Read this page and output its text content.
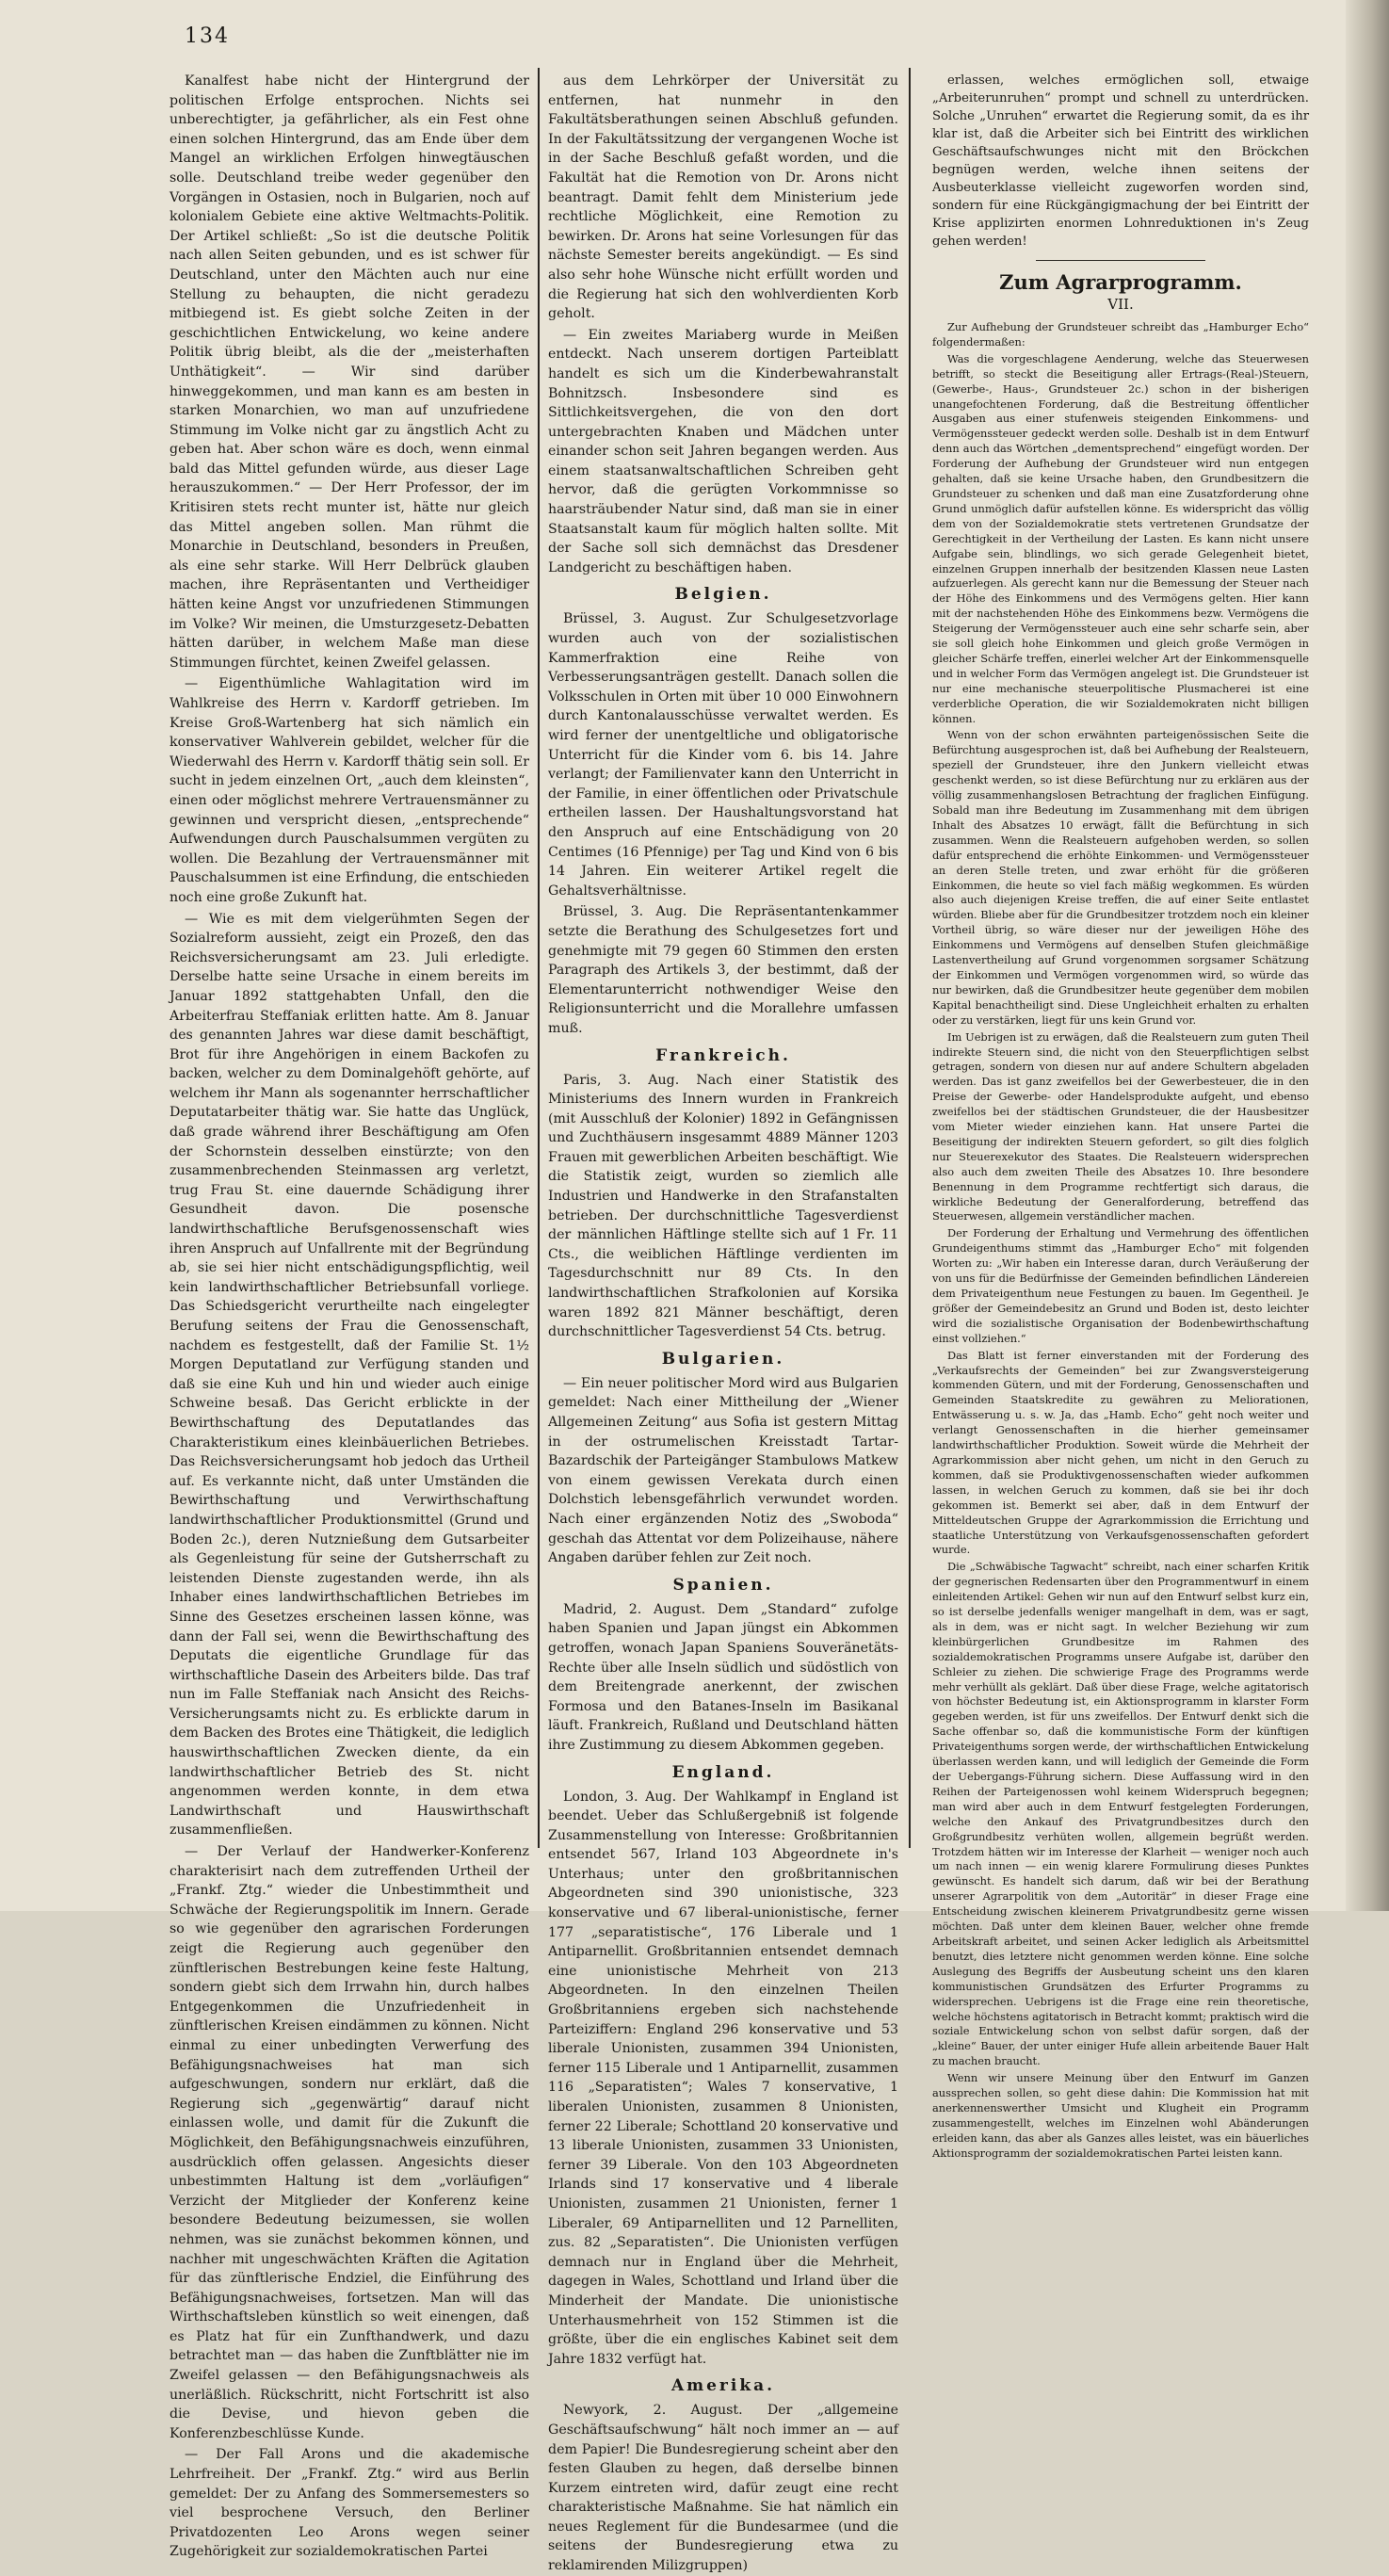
134

Kanalfest habe nicht der Hintergrund der politischen Erfolge entsprochen. Nichts sei unberechtigter, ja gefährlicher, als ein Fest ohne einen solchen Hintergrund, das am Ende über dem Mangel an wirklichen Erfolgen hinwegtäuschen solle. Deutschland treibe weder gegenüber den Vorgängen in Ostasien, noch in Bulgarien, noch auf kolonialem Gebiete eine aktive Weltmachts-Politik. Der Artikel schließt: „So ist die deutsche Politik nach allen Seiten gebunden, und es ist schwer für Deutschland, unter den Mächten auch nur eine Stellung zu behaupten, die nicht geradezu mitbiegend ist. Es giebt solche Zeiten in der geschichtlichen Entwickelung, wo keine andere Politik übrig bleibt, als die der „meisterhaften Unthätigkeit“. — Wir sind darüber hinweggekommen, und man kann es am besten in starken Monarchien, wo man auf unzufriedene Stimmung im Volke nicht gar zu ängstlich Acht zu geben hat. Aber schon wäre es doch, wenn einmal bald das Mittel gefunden würde, aus dieser Lage herauszukommen.“ — Der Herr Professor, der im Kritisiren stets recht munter ist, hätte nur gleich das Mittel angeben sollen. Man rühmt die Monarchie in Deutschland, besonders in Preußen, als eine sehr starke. Will Herr Delbrück glauben machen, ihre Repräsentanten und Vertheidiger hätten keine Angst vor unzufriedenen Stimmungen im Volke? Wir meinen, die Umsturzgesetz-Debatten hätten darüber, in welchem Maße man diese Stimmungen fürchtet, keinen Zweifel gelassen.

— Eigenthümliche Wahlagitation wird im Wahlkreise des Herrn v. Kardorff getrieben. Im Kreise Groß-Wartenberg hat sich nämlich ein konservativer Wahlverein gebildet, welcher für die Wiederwahl des Herrn v. Kardorff thätig sein soll. Er sucht in jedem einzelnen Ort, „auch dem kleinsten“, einen oder möglichst mehrere Vertrauensmänner zu gewinnen und verspricht diesen, „entsprechende“ Aufwendungen durch Pauschalsummen vergüten zu wollen. Die Bezahlung der Vertrauensmänner mit Pauschalsummen ist eine Erfindung, die entschieden noch eine große Zukunft hat.

— Wie es mit dem vielgerühmten Segen der Sozialreform aussieht, zeigt ein Prozeß, den das Reichsversicherungsamt am 23. Juli erledigte. Derselbe hatte seine Ursache in einem bereits im Januar 1892 stattgehabten Unfall, den die Arbeiterfrau Steffaniak erlitten hatte. Am 8. Januar des genannten Jahres war diese damit beschäftigt, Brot für ihre Angehörigen in einem Backofen zu backen, welcher zu dem Dominalgehöft gehörte, auf welchem ihr Mann als sogenannter herrschaftlicher Deputatarbeiter thätig war. Sie hatte das Unglück, daß grade während ihrer Beschäftigung am Ofen der Schornstein desselben einstürzte; von den zusammenbrechenden Steinmassen arg verletzt, trug Frau St. eine dauernde Schädigung ihrer Gesundheit davon. Die posensche landwirthschaftliche Berufsgenossenschaft wies ihren Anspruch auf Unfallrente mit der Begründung ab, sie sei hier nicht entschädigungspflichtig, weil kein landwirthschaftlicher Betriebsunfall vorliege. Das Schiedsgericht verurtheilte nach eingelegter Berufung seitens der Frau die Genossenschaft, nachdem es festgestellt, daß der Familie St. 1½ Morgen Deputatland zur Verfügung standen und daß sie eine Kuh und hin und wieder auch einige Schweine besaß. Das Gericht erblickte in der Bewirthschaftung des Deputatlandes das Charakteristikum eines kleinbäuerlichen Betriebes. Das Reichsversicherungsamt hob jedoch das Urtheil auf. Es verkannte nicht, daß unter Umständen die Bewirthschaftung und Verwirthschaftung landwirthschaftlicher Produktionsmittel (Grund und Boden 2c.), deren Nutznießung dem Gutsarbeiter als Gegenleistung für seine der Gutsherrschaft zu leistenden Dienste zugestanden werde, ihn als Inhaber eines landwirthschaftlichen Betriebes im Sinne des Gesetzes erscheinen lassen könne, was dann der Fall sei, wenn die Bewirthschaftung des Deputats die eigentliche Grundlage für das wirthschaftliche Dasein des Arbeiters bilde. Das traf nun im Falle Steffaniak nach Ansicht des Reichs-Versicherungsamts nicht zu. Es erblickte darum in dem Backen des Brotes eine Thätigkeit, die lediglich hauswirthschaftlichen Zwecken diente, da ein landwirthschaftlicher Betrieb des St. nicht angenommen werden konnte, in dem etwa Landwirthschaft und Hauswirthschaft zusammenfließen.

— Der Verlauf der Handwerker-Konferenz charakterisirt nach dem zutreffenden Urtheil der „Frankf. Ztg.“ wieder die Unbestimmtheit und Schwäche der Regierungspolitik im Innern. Gerade so wie gegenüber den agrarischen Forderungen zeigt die Regierung auch gegenüber den zünftlerischen Bestrebungen keine feste Haltung, sondern giebt sich dem Irrwahn hin, durch halbes Entgegenkommen die Unzufriedenheit in zünftlerischen Kreisen eindämmen zu können. Nicht einmal zu einer unbedingten Verwerfung des Befähigungsnachweises hat man sich aufgeschwungen, sondern nur erklärt, daß die Regierung sich „gegenwärtig“ darauf nicht einlassen wolle, und damit für die Zukunft die Möglichkeit, den Befähigungsnachweis einzuführen, ausdrücklich offen gelassen. Angesichts dieser unbestimmten Haltung ist dem „vorläufigen“ Verzicht der Mitglieder der Konferenz keine besondere Bedeutung beizumessen, sie wollen nehmen, was sie zunächst bekommen können, und nachher mit ungeschwächten Kräften die Agitation für das zünftlerische Endziel, die Einführung des Befähigungsnachweises, fortsetzen. Man will das Wirthschaftsleben künstlich so weit einengen, daß es Platz hat für ein Zunfthandwerk, und dazu betrachtet man — das haben die Zunftblätter nie im Zweifel gelassen — den Befähigungsnachweis als unerläßlich. Rückschritt, nicht Fortschritt ist also die Devise, und hievon geben die Konferenzbeschlüsse Kunde.

— Der Fall Arons und die akademische Lehrfreiheit. Der „Frankf. Ztg.“ wird aus Berlin gemeldet: Der zu Anfang des Sommersemesters so viel besprochene Versuch, den Berliner Privatdozenten Leo Arons wegen seiner Zugehörigkeit zur sozialdemokratischen Partei

aus dem Lehrkörper der Universität zu entfernen, hat nunmehr in den Fakultätsberathungen seinen Abschluß gefunden. In der Fakultätssitzung der vergangenen Woche ist in der Sache Beschluß gefaßt worden, und die Fakultät hat die Remotion von Dr. Arons nicht beantragt. Damit fehlt dem Ministerium jede rechtliche Möglichkeit, eine Remotion zu bewirken. Dr. Arons hat seine Vorlesungen für das nächste Semester bereits angekündigt. — Es sind also sehr hohe Wünsche nicht erfüllt worden und die Regierung hat sich den wohlverdienten Korb geholt.

— Ein zweites Mariaberg wurde in Meißen entdeckt. Nach unserem dortigen Parteiblatt handelt es sich um die Kinderbewahranstalt Bohnitzsch. Insbesondere sind es Sittlichkeitsvergehen, die von den dort untergebrachten Knaben und Mädchen unter einander schon seit Jahren begangen werden. Aus einem staatsanwaltschaftlichen Schreiben geht hervor, daß die gerügten Vorkommnisse so haarsträubender Natur sind, daß man sie in einer Staatsanstalt kaum für möglich halten sollte. Mit der Sache soll sich demnächst das Dresdener Landgericht zu beschäftigen haben.

Belgien.

Brüssel, 3. August. Zur Schulgesetzvorlage wurden auch von der sozialistischen Kammerfraktion eine Reihe von Verbesserungsanträgen gestellt. Danach sollen die Volksschulen in Orten mit über 10 000 Einwohnern durch Kantonalausschüsse verwaltet werden. Es wird ferner der unentgeltliche und obligatorische Unterricht für die Kinder vom 6. bis 14. Jahre verlangt; der Familienvater kann den Unterricht in der Familie, in einer öffentlichen oder Privatschule ertheilen lassen. Der Haushaltungsvorstand hat den Anspruch auf eine Entschädigung von 20 Centimes (16 Pfennige) per Tag und Kind von 6 bis 14 Jahren. Ein weiterer Artikel regelt die Gehaltsverhältnisse.

Brüssel, 3. Aug. Die Repräsentantenkammer setzte die Berathung des Schulgesetzes fort und genehmigte mit 79 gegen 60 Stimmen den ersten Paragraph des Artikels 3, der bestimmt, daß der Elementarunterricht nothwendiger Weise den Religionsunterricht und die Morallehre umfassen muß.

Frankreich.

Paris, 3. Aug. Nach einer Statistik des Ministeriums des Innern wurden in Frankreich (mit Ausschluß der Kolonier) 1892 in Gefängnissen und Zuchthäusern insgesammt 4889 Männer 1203 Frauen mit gewerblichen Arbeiten beschäftigt. Wie die Statistik zeigt, wurden so ziemlich alle Industrien und Handwerke in den Strafanstalten betrieben. Der durchschnittliche Tagesverdienst der männlichen Häftlinge stellte sich auf 1 Fr. 11 Cts., die weiblichen Häftlinge verdienten im Tagesdurchschnitt nur 89 Cts. In den landwirthschaftlichen Strafkolonien auf Korsika waren 1892 821 Männer beschäftigt, deren durchschnittlicher Tagesverdienst 54 Cts. betrug.

Bulgarien.

— Ein neuer politischer Mord wird aus Bulgarien gemeldet: Nach einer Mittheilung der „Wiener Allgemeinen Zeitung“ aus Sofia ist gestern Mittag in der ostrumelischen Kreisstadt Tartar-Bazardschik der Parteigänger Stambulows Matkew von einem gewissen Verekata durch einen Dolchstich lebensgefährlich verwundet worden. Nach einer ergänzenden Notiz des „Swoboda“ geschah das Attentat vor dem Polizeihause, nähere Angaben darüber fehlen zur Zeit noch.

Spanien.

Madrid, 2. August. Dem „Standard“ zufolge haben Spanien und Japan jüngst ein Abkommen getroffen, wonach Japan Spaniens Souveränetäts-Rechte über alle Inseln südlich und südöstlich von dem Breitengrade anerkennt, der zwischen Formosa und den Batanes-Inseln im Basikanal läuft. Frankreich, Rußland und Deutschland hätten ihre Zustimmung zu diesem Abkommen gegeben.

England.

London, 3. Aug. Der Wahlkampf in England ist beendet. Ueber das Schlußergebniß ist folgende Zusammenstellung von Interesse: Großbritannien entsendet 567, Irland 103 Abgeordnete in's Unterhaus; unter den großbritannischen Abgeordneten sind 390 unionistische, 323 konservative und 67 liberal-unionistische, ferner 177 „separatistische“, 176 Liberale und 1 Antiparnellit. Großbritannien entsendet demnach eine unionistische Mehrheit von 213 Abgeordneten. In den einzelnen Theilen Großbritanniens ergeben sich nachstehende Parteiziffern: England 296 konservative und 53 liberale Unionisten, zusammen 394 Unionisten, ferner 115 Liberale und 1 Antiparnellit, zusammen 116 „Separatisten“; Wales 7 konservative, 1 liberalen Unionisten, zusammen 8 Unionisten, ferner 22 Liberale; Schottland 20 konservative und 13 liberale Unionisten, zusammen 33 Unionisten, ferner 39 Liberale. Von den 103 Abgeordneten Irlands sind 17 konservative und 4 liberale Unionisten, zusammen 21 Unionisten, ferner 1 Liberaler, 69 Antiparnelliten und 12 Parnelliten, zus. 82 „Separatisten“. Die Unionisten verfügen demnach nur in England über die Mehrheit, dagegen in Wales, Schottland und Irland über die Minderheit der Mandate. Die unionistische Unterhausmehrheit von 152 Stimmen ist die größte, über die ein englisches Kabinet seit dem Jahre 1832 verfügt hat.

Amerika.

Newyork, 2. August. Der „allgemeine Geschäftsaufschwung“ hält noch immer an — auf dem Papier! Die Bundesregierung scheint aber den festen Glauben zu hegen, daß derselbe binnen Kurzem eintreten wird, dafür zeugt eine recht charakteristische Maßnahme. Sie hat nämlich ein neues Reglement für die Bundesarmee (und die seitens der Bundesregierung etwa zu reklamirenden Milizgruppen)

erlassen, welches ermöglichen soll, etwaige „Arbeiterunruhen“ prompt und schnell zu unterdrücken. Solche „Unruhen“ erwartet die Regierung somit, da es ihr klar ist, daß die Arbeiter sich bei Eintritt des wirklichen Geschäftsaufschwunges nicht mit den Bröckchen begnügen werden, welche ihnen seitens der Ausbeuterklasse vielleicht zugeworfen worden sind, sondern für eine Rückgängigmachung der bei Eintritt der Krise applizirten enormen Lohnreduktionen in's Zeug gehen werden!

Zum Agrarprogramm.
VII.

Zur Aufhebung der Grundsteuer schreibt das „Hamburger Echo“ folgendermaßen:

Was die vorgeschlagene Aenderung, welche das Steuerwesen betrifft, so steckt die Beseitigung aller Ertrags-(Real-)Steuern, (Gewerbe-, Haus-, Grundsteuer 2c.) schon in der bisherigen unangefochtenen Forderung, daß die Bestreitung öffentlicher Ausgaben aus einer stufenweis steigenden Einkommens- und Vermögenssteuer gedeckt werden solle. Deshalb ist in dem Entwurf denn auch das Wörtchen „dementsprechend“ eingefügt worden. Der Forderung der Aufhebung der Grundsteuer wird nun entgegen gehalten, daß sie keine Ursache haben, den Grundbesitzern die Grundsteuer zu schenken und daß man eine Zusatzforderung ohne Grund unmöglich dafür aufstellen könne. Es widerspricht das völlig dem von der Sozialdemokratie stets vertretenen Grundsatze der Gerechtigkeit in der Vertheilung der Lasten. Es kann nicht unsere Aufgabe sein, blindlings, wo sich gerade Gelegenheit bietet, einzelnen Gruppen innerhalb der besitzenden Klassen neue Lasten aufzuerlegen. Als gerecht kann nur die Bemessung der Steuer nach der Höhe des Einkommens und des Vermögens gelten. Hier kann mit der nachstehenden Höhe des Einkommens bezw. Vermögens die Steigerung der Vermögenssteuer auch eine sehr scharfe sein, aber sie soll gleich hohe Einkommen und gleich große Vermögen in gleicher Schärfe treffen, einerlei welcher Art der Einkommensquelle und in welcher Form das Vermögen angelegt ist. Die Grundsteuer ist nur eine mechanische steuerpolitische Plusmacherei ist eine verderbliche Operation, die wir Sozialdemokraten nicht billigen können.

Wenn von der schon erwähnten parteigenössischen Seite die Befürchtung ausgesprochen ist, daß bei Aufhebung der Realsteuern, speziell der Grundsteuer, ihre den Junkern vielleicht etwas geschenkt werden, so ist diese Befürchtung nur zu erklären aus der völlig zusammenhangslosen Betrachtung der fraglichen Einfügung. Sobald man ihre Bedeutung im Zusammenhang mit dem übrigen Inhalt des Absatzes 10 erwägt, fällt die Befürchtung in sich zusammen. Wenn die Realsteuern aufgehoben werden, so sollen dafür entsprechend die erhöhte Einkommen- und Vermögenssteuer an deren Stelle treten, und zwar erhöht für die größeren Einkommen, die heute so viel fach mäßig wegkommen. Es würden also auch diejenigen Kreise treffen, die auf einer Seite entlastet würden. Bliebe aber für die Grundbesitzer trotzdem noch ein kleiner Vortheil übrig, so wäre dieser nur der jeweiligen Höhe des Einkommens und Vermögens auf denselben Stufen gleichmäßige Lastenvertheilung auf Grund vorgenommen sorgsamer Schätzung der Einkommen und Vermögen vorgenommen wird, so würde das nur bewirken, daß die Grundbesitzer heute gegenüber dem mobilen Kapital benachtheiligt sind. Diese Ungleichheit erhalten zu erhalten oder zu verstärken, liegt für uns kein Grund vor.

Im Uebrigen ist zu erwägen, daß die Realsteuern zum guten Theil indirekte Steuern sind, die nicht von den Steuerpflichtigen selbst getragen, sondern von diesen nur auf andere Schultern abgeladen werden. Das ist ganz zweifellos bei der Gewerbesteuer, die in den Preise der Gewerbe- oder Handelsprodukte aufgeht, und ebenso zweifellos bei der städtischen Grundsteuer, die der Hausbesitzer vom Mieter wieder einziehen kann. Hat unsere Partei die Beseitigung der indirekten Steuern gefordert, so gilt dies folglich nur Steuerexekutor des Staates. Die Realsteuern widersprechen also auch dem zweiten Theile des Absatzes 10. Ihre besondere Benennung in dem Programme rechtfertigt sich daraus, die wirkliche Bedeutung der Generalforderung, betreffend das Steuerwesen, allgemein verständlicher machen.

Der Forderung der Erhaltung und Vermehrung des öffentlichen Grundeigenthums stimmt das „Hamburger Echo“ mit folgenden Worten zu: „Wir haben ein Interesse daran, durch Veräußerung der von uns für die Bedürfnisse der Gemeinden befindlichen Ländereien dem Privateigenthum neue Festungen zu bauen. Im Gegentheil. Je größer der Gemeindebesitz an Grund und Boden ist, desto leichter wird die sozialistische Organisation der Bodenbewirthschaftung einst vollziehen.“

Das Blatt ist ferner einverstanden mit der Forderung des „Verkaufsrechts der Gemeinden“ bei zur Zwangsversteigerung kommenden Gütern, und mit der Forderung, Genossenschaften und Gemeinden Staatskredite zu gewähren zu Meliorationen, Entwässerung u. s. w. Ja, das „Hamb. Echo“ geht noch weiter und verlangt Genossenschaften in die hierher gemeinsamer landwirthschaftlicher Produktion. Soweit würde die Mehrheit der Agrarkommission aber nicht gehen, um nicht in den Geruch zu kommen, daß sie Produktivgenossenschaften wieder aufkommen lassen, in welchen Geruch zu kommen, daß sie bei ihr doch gekommen ist. Bemerkt sei aber, daß in dem Entwurf der Mitteldeutschen Gruppe der Agrarkommission die Errichtung und staatliche Unterstützung von Verkaufsgenossenschaften gefordert wurde.

Die „Schwäbische Tagwacht“ schreibt, nach einer scharfen Kritik der gegnerischen Redensarten über den Programmentwurf in einem einleitenden Artikel: Gehen wir nun auf den Entwurf selbst kurz ein, so ist derselbe jedenfalls weniger mangelhaft in dem, was er sagt, als in dem, was er nicht sagt. In welcher Beziehung wir zum kleinbürgerlichen Grundbesitze im Rahmen des sozialdemokratischen Programms unsere Aufgabe ist, darüber den Schleier zu ziehen. Die schwierige Frage des Programms werde mehr verhüllt als geklärt. Daß über diese Frage, welche agitatorisch von höchster Bedeutung ist, ein Aktionsprogramm in klarster Form gegeben werden, ist für uns zweifellos. Der Entwurf denkt sich die Sache offenbar so, daß die kommunistische Form der künftigen Privateigenthums sorgen werde, der wirthschaftlichen Entwickelung überlassen werden kann, und will lediglich der Gemeinde die Form der Uebergangs-Führung sichern. Diese Auffassung wird in den Reihen der Parteigenossen wohl keinem Widerspruch begegnen; man wird aber auch in dem Entwurf festgelegten Forderungen, welche den Ankauf des Privatgrundbesitzes durch den Großgrundbesitz verhüten wollen, allgemein begrüßt werden. Trotzdem hätten wir im Interesse der Klarheit — weniger noch auch um nach innen — ein wenig klarere Formulirung dieses Punktes gewünscht. Es handelt sich darum, daß wir bei der Berathung unserer Agrarpolitik von dem „Autoritär“ in dieser Frage eine Entscheidung zwischen kleinerem Privatgrundbesitz gerne wissen möchten. Daß unter dem kleinen Bauer, welcher ohne fremde Arbeitskraft arbeitet, und seinen Acker lediglich als Arbeitsmittel benutzt, dies letztere nicht genommen werden könne. Eine solche Auslegung des Begriffs der Ausbeutung scheint uns den klaren kommunistischen Grundsätzen des Erfurter Programms zu widersprechen. Uebrigens ist die Frage eine rein theoretische, welche höchstens agitatorisch in Betracht kommt; praktisch wird die soziale Entwickelung schon von selbst dafür sorgen, daß der „kleine“ Bauer, der unter einiger Hufe allein arbeitende Bauer Halt zu machen braucht.

Wenn wir unsere Meinung über den Entwurf im Ganzen aussprechen sollen, so geht diese dahin: Die Kommission hat mit anerkennenswerther Umsicht und Klugheit ein Programm zusammengestellt, welches im Einzelnen wohl Abänderungen erleiden kann, das aber als Ganzes alles leistet, was ein bäuerliches Aktionsprogramm der sozialdemokratischen Partei leisten kann.
